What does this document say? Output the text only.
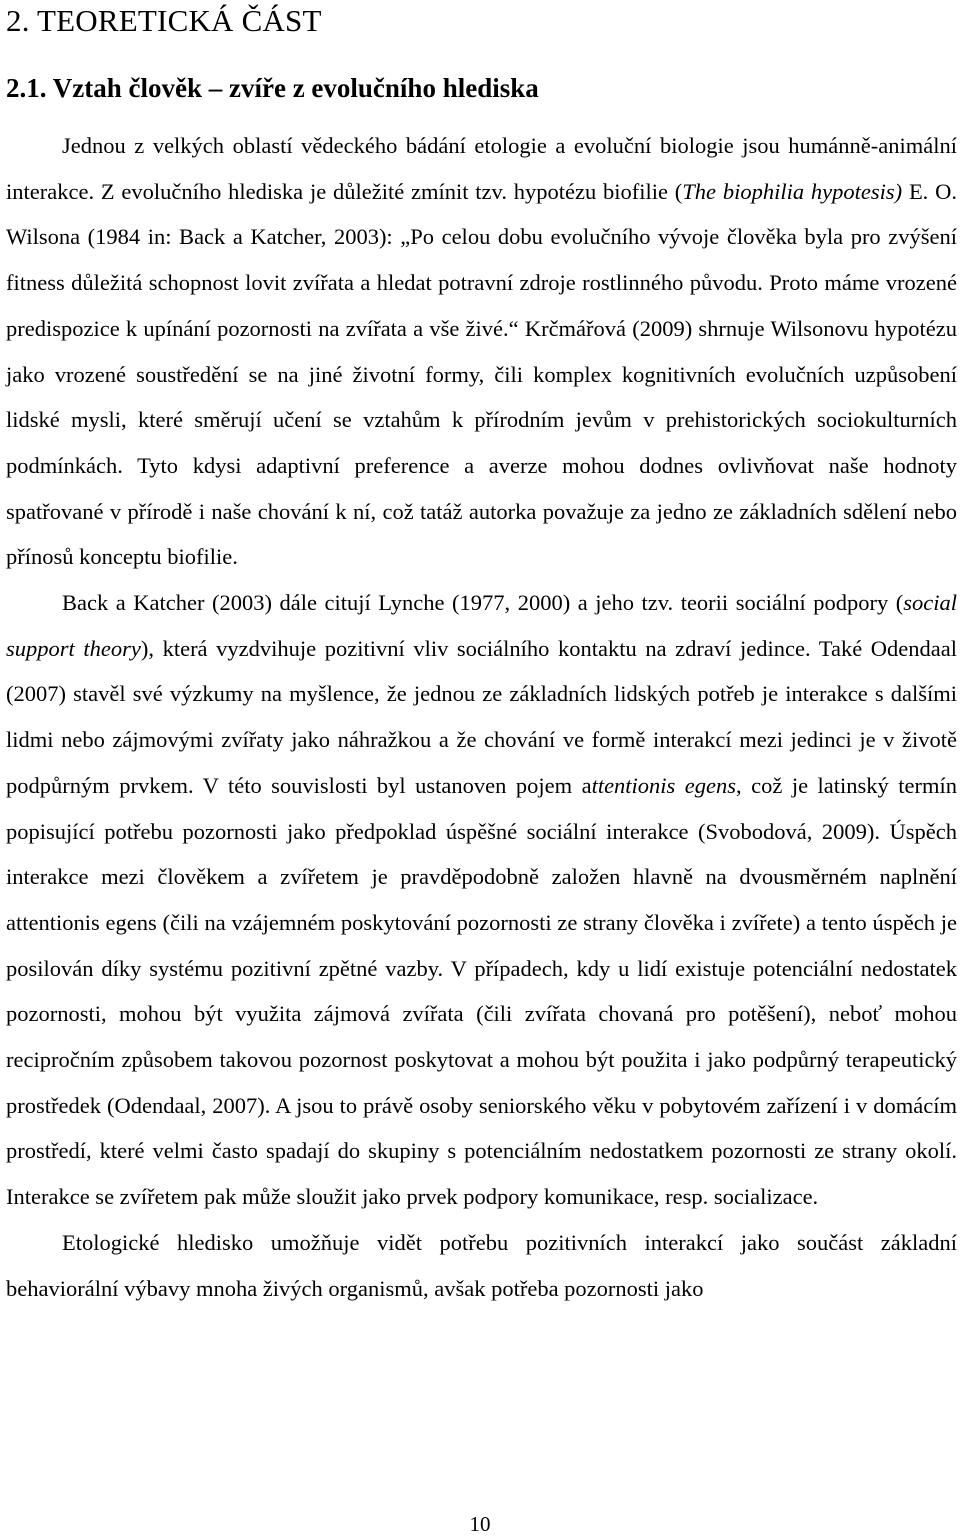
2. TEORETICKÁ ČÁST
2.1. Vztah člověk – zvíře z evolučního hlediska

Jednou z velkých oblastí vědeckého bádání etologie a evoluční biologie jsou humánně-animální interakce. Z evolučního hlediska je důležité zmínit tzv. hypotézu biofilie (The biophilia hypotesis) E. O. Wilsona (1984 in: Back a Katcher, 2003): „Po celou dobu evolučního vývoje člověka byla pro zvýšení fitness důležitá schopnost lovit zvířata a hledat potravní zdroje rostlinného původu. Proto máme vrozené predispozice k upínání pozornosti na zvířata a vše živé.“ Krčmářová (2009) shrnuje Wilsonovu hypotézu jako vrozené soustředění se na jiné životní formy, čili komplex kognitivních evolučních uzpůsobení lidské mysli, které směrují učení se vztahům k přírodním jevům v prehistorických sociokulturních podmínkách. Tyto kdysi adaptivní preference a averze mohou dodnes ovlivňovat naše hodnoty spatřované v přírodě i naše chování k ní, což tatáž autorka považuje za jedno ze základních sdělení nebo přínosů konceptu biofilie.

Back a Katcher (2003) dále citují Lynche (1977, 2000) a jeho tzv. teorii sociální podpory (social support theory), která vyzdvihuje pozitivní vliv sociálního kontaktu na zdraví jedince. Také Odendaal (2007) stavěl své výzkumy na myšlence, že jednou ze základních lidských potřeb je interakce s dalšími lidmi nebo zájmovými zvířaty jako náhražkou a že chování ve formě interakcí mezi jedinci je v životě podpůrným prvkem. V této souvislosti byl ustanoven pojem attentionis egens, což je latinský termín popisující potřebu pozornosti jako předpoklad úspěšné sociální interakce (Svobodová, 2009). Úspěch interakce mezi člověkem a zvířetem je pravděpodobně založen hlavně na dvousměrném naplnění attentionis egens (čili na vzájemném poskytování pozornosti ze strany člověka i zvířete) a tento úspěch je posilován díky systému pozitivní zpětné vazby. V případech, kdy u lidí existuje potenciální nedostatek pozornosti, mohou být využita zájmová zvířata (čili zvířata chovaná pro potěšení), neboť mohou recipročním způsobem takovou pozornost poskytovat a mohou být použita i jako podpůrný terapeutický prostředek (Odendaal, 2007). A jsou to právě osoby seniorského věku v pobytovém zařízení i v domácím prostředí, které velmi často spadají do skupiny s potenciálním nedostatkem pozornosti ze strany okolí. Interakce se zvířetem pak může sloužit jako prvek podpory komunikace, resp. socializace.

Etologické hledisko umožňuje vidět potřebu pozitivních interakcí jako součást základní behaviorální výbavy mnoha živých organismů, avšak potřeba pozornosti jako

10
